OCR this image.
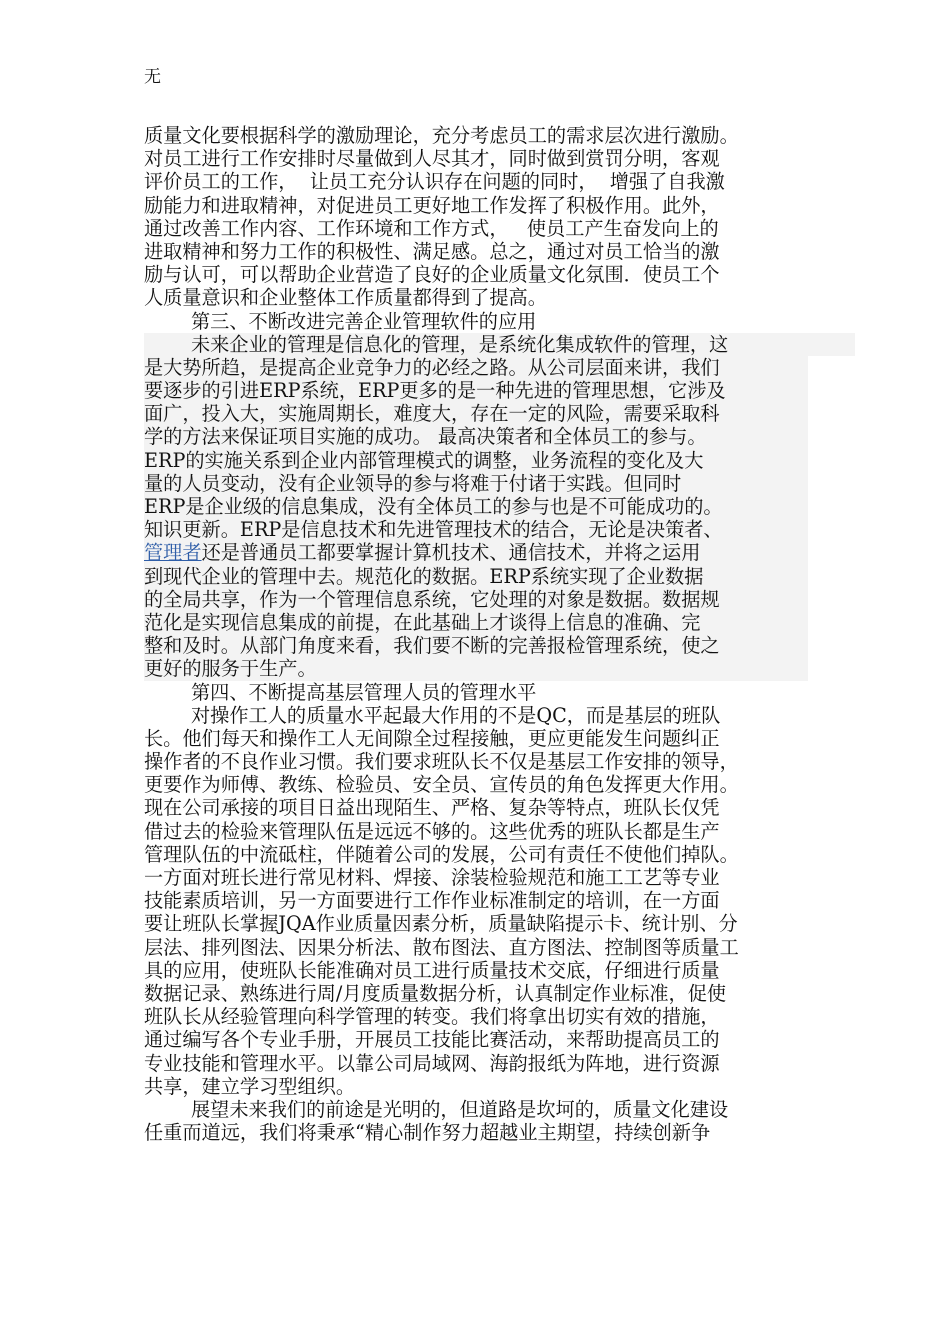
无
质量文化要根据科学的激励理论，充分考虑员工的需求层次进行激励。
对员工进行工作安排时尽量做到人尽其才，同时做到赏罚分明，客观
评价员工的工作，  让员工充分认识存在问题的同时，  增强了自我激
励能力和进取精神，对促进员工更好地工作发挥了积极作用。此外，
通过改善工作内容、工作环境和工作方式，   使员工产生奋发向上的
进取精神和努力工作的积极性、满足感。总之，通过对员工恰当的激
励与认可，可以帮助企业营造了良好的企业质量文化氛围．使员工个
人质量意识和企业整体工作质量都得到了提高。
第三、不断改进完善企业管理软件的应用
未来企业的管理是信息化的管理，是系统化集成软件的管理，这
是大势所趋，是提高企业竞争力的必经之路。从公司层面来讲，我们
要逐步的引进ERP系统，ERP更多的是一种先进的管理思想，它涉及
面广，投入大，实施周期长，难度大，存在一定的风险，需要采取科
学的方法来保证项目实施的成功。 最高决策者和全体员工的参与。
ERP的实施关系到企业内部管理模式的调整，业务流程的变化及大
量的人员变动，没有企业领导的参与将难于付诸于实践。但同时
ERP是企业级的信息集成，没有全体员工的参与也是不可能成功的。
知识更新。ERP是信息技术和先进管理技术的结合，无论是决策者、
管理者还是普通员工都要掌握计算机技术、通信技术，并将之运用
到现代企业的管理中去。规范化的数据。ERP系统实现了企业数据
的全局共享，作为一个管理信息系统，它处理的对象是数据。数据规
范化是实现信息集成的前提，在此基础上才谈得上信息的准确、完
整和及时。从部门角度来看，我们要不断的完善报检管理系统，使之
更好的服务于生产。
第四、不断提高基层管理人员的管理水平
对操作工人的质量水平起最大作用的不是QC，而是基层的班队
长。他们每天和操作工人无间隙全过程接触，更应更能发生问题纠正
操作者的不良作业习惯。我们要求班队长不仅是基层工作安排的领导，
更要作为师傅、教练、检验员、安全员、宣传员的角色发挥更大作用。
现在公司承接的项目日益出现陌生、严格、复杂等特点，班队长仅凭
借过去的检验来管理队伍是远远不够的。这些优秀的班队长都是生产
管理队伍的中流砥柱，伴随着公司的发展，公司有责任不使他们掉队。
一方面对班长进行常见材料、焊接、涂装检验规范和施工工艺等专业
技能素质培训，另一方面要进行工作作业标准制定的培训，在一方面
要让班队长掌握JQA作业质量因素分析，质量缺陷提示卡、统计别、分
层法、排列图法、因果分析法、散布图法、直方图法、控制图等质量工
具的应用，使班队长能准确对员工进行质量技术交底，仔细进行质量
数据记录、熟练进行周/月度质量数据分析，认真制定作业标准，促使
班队长从经验管理向科学管理的转变。我们将拿出切实有效的措施，
通过编写各个专业手册，开展员工技能比赛活动，来帮助提高员工的
专业技能和管理水平。以靠公司局域网、海韵报纸为阵地，进行资源
共享，建立学习型组织。
展望未来我们的前途是光明的，但道路是坎坷的，质量文化建设
任重而道远，我们将秉承“精心制作努力超越业主期望，持续创新争
